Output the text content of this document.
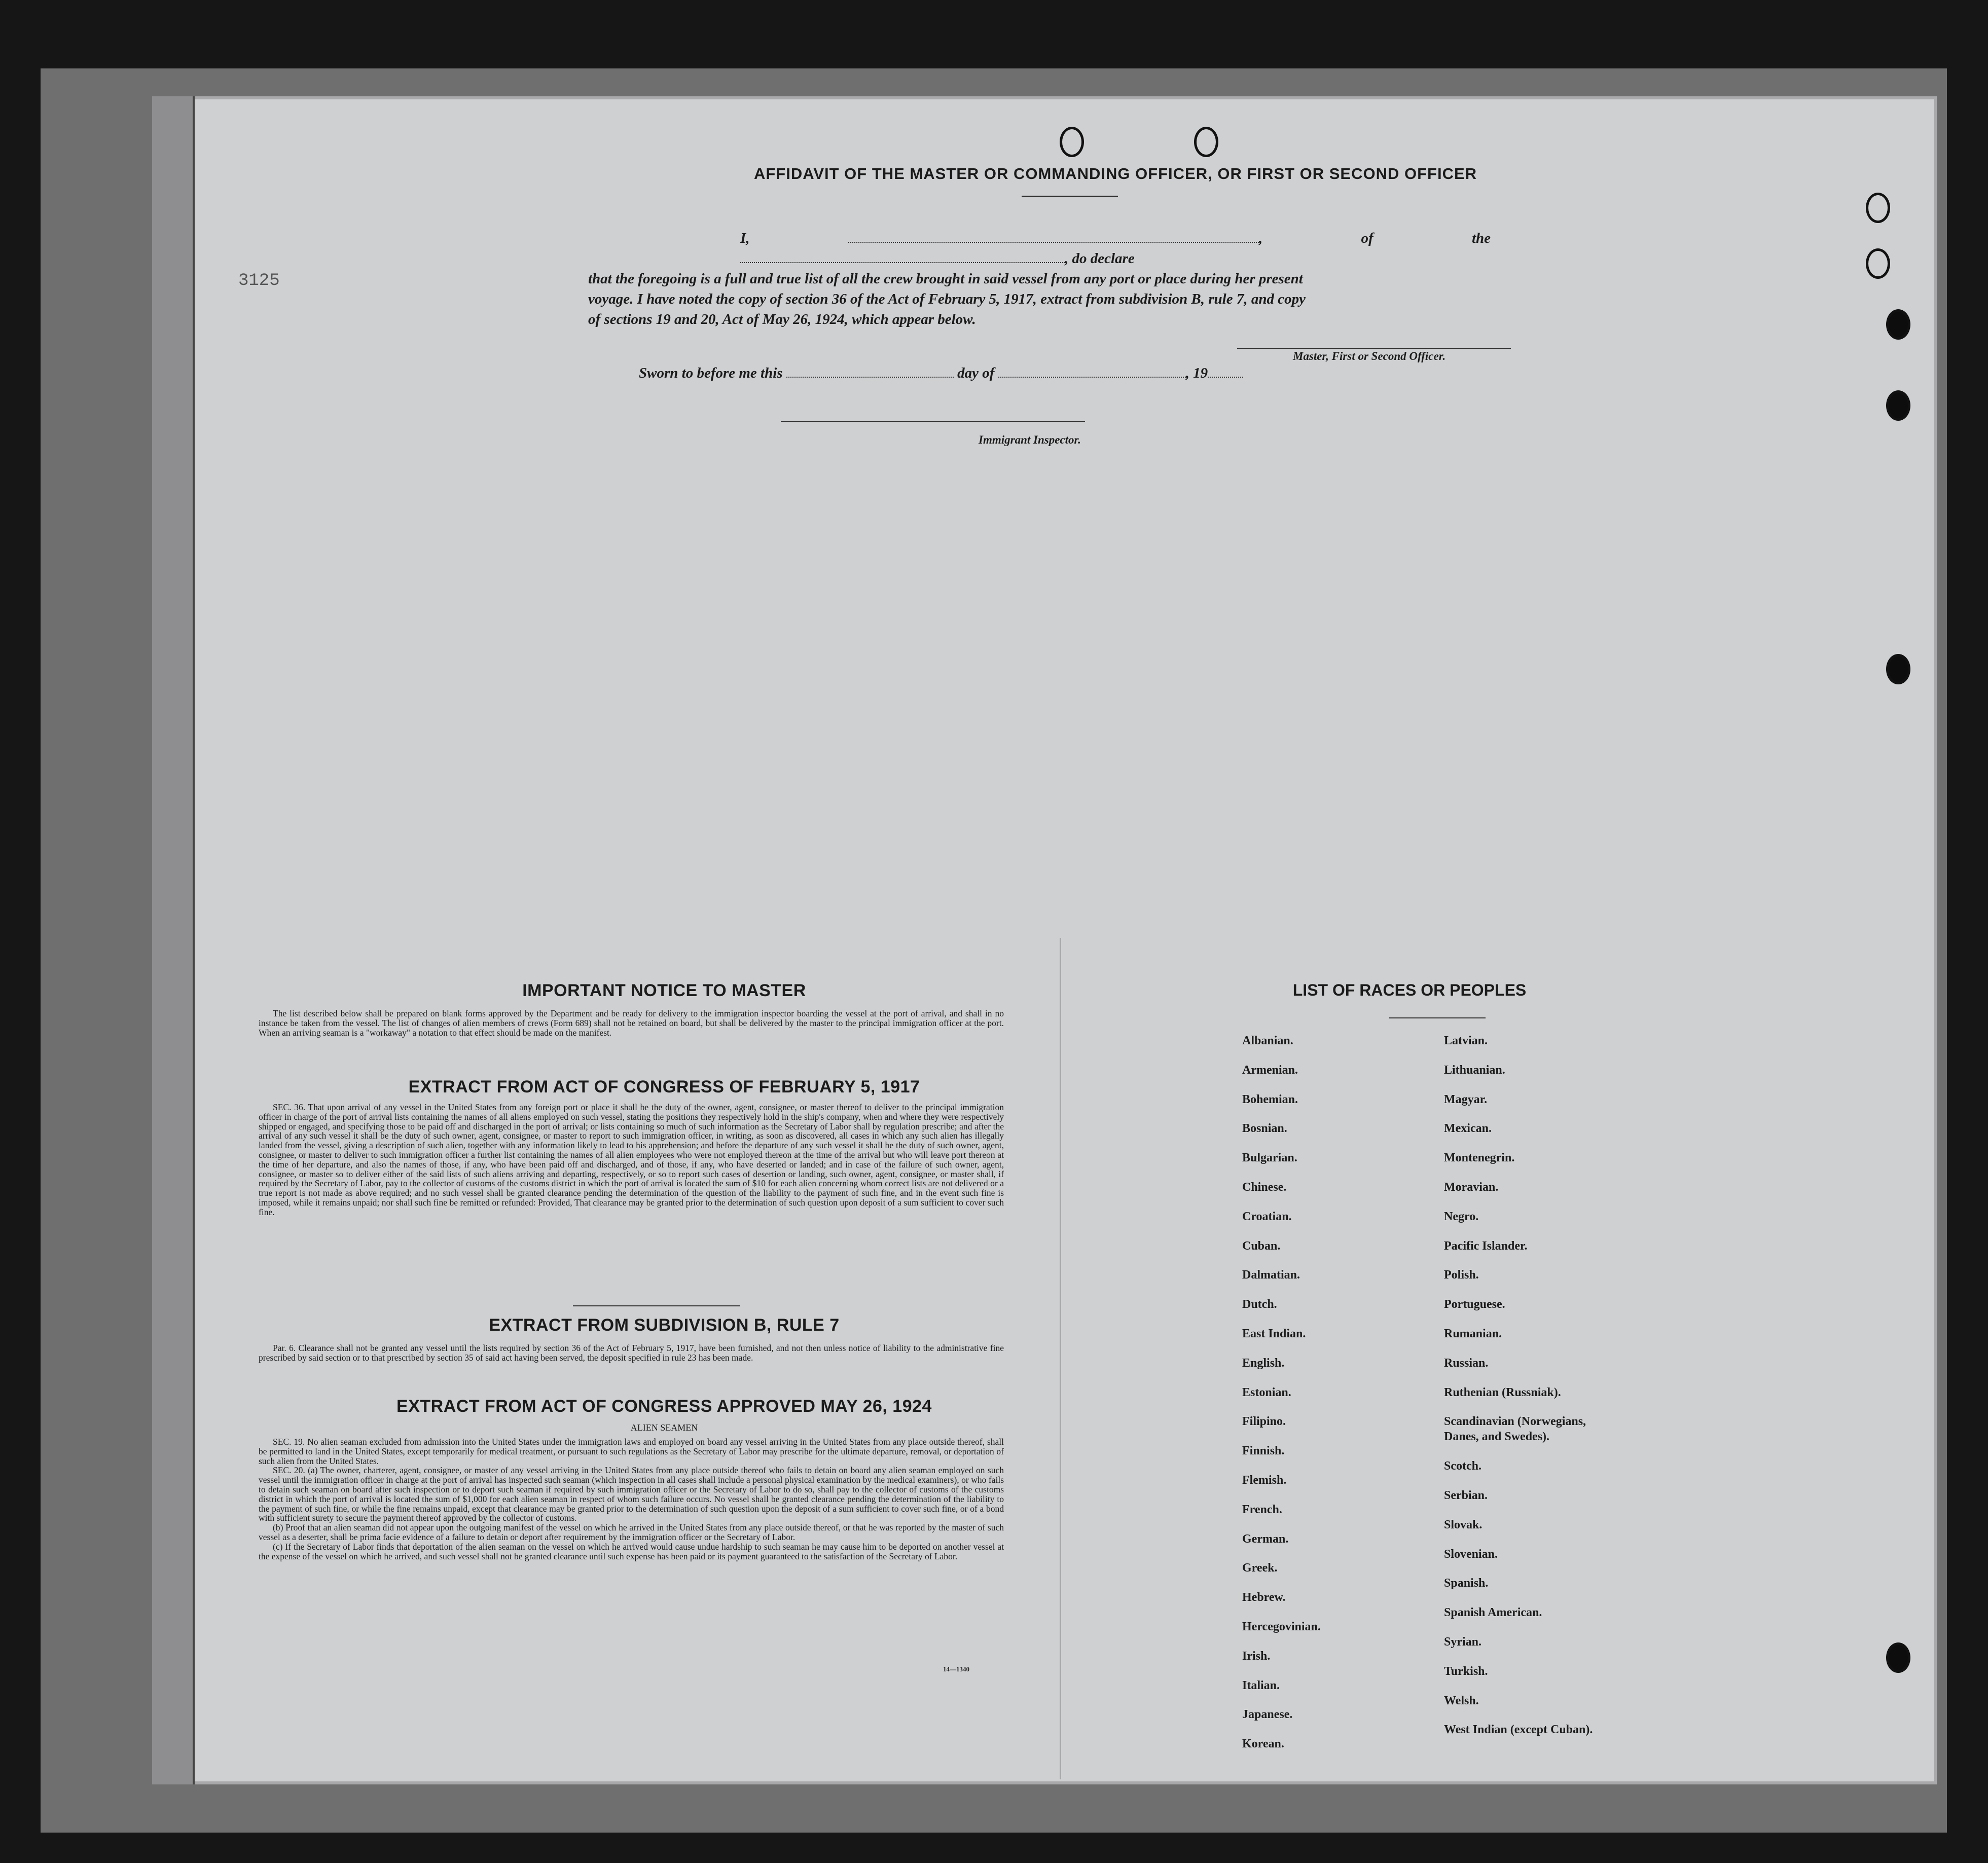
3125
AFFIDAVIT OF THE MASTER OR COMMANDING OFFICER, OR FIRST OR SECOND OFFICER
I,	, of the , do declare
that the foregoing is a full and true list of all the crew brought in said vessel from any port or place during her present
voyage. I have noted the copy of section 36 of the Act of February 5, 1917, extract from subdivision B, rule 7, and copy
of sections 19 and 20, Act of May 26, 1924, which appear below.
Master, First or Second Officer.
Sworn to before me this	day of	, 19
Immigrant Inspector.
IMPORTANT NOTICE TO MASTER

The list described below shall be prepared on blank forms approved by the Department and be ready for delivery to the immigration inspector boarding the vessel at the port of arrival, and shall in no instance be taken from the vessel. The list of changes of alien members of crews (Form 689) shall not be retained on board, but shall be delivered by the master to the principal immigration officer at the port. When an arriving seaman is a "workaway" a notation to that effect should be made on the manifest.

EXTRACT FROM ACT OF CONGRESS OF FEBRUARY 5, 1917

SEC. 36. That upon arrival of any vessel in the United States from any foreign port or place it shall be the duty of the owner, agent, consignee, or master thereof to deliver to the principal immigration officer in charge of the port of arrival lists containing the names of all aliens employed on such vessel, stating the positions they respectively hold in the ship's company, when and where they were respectively shipped or engaged, and specifying those to be paid off and discharged in the port of arrival; or lists containing so much of such information as the Secretary of Labor shall by regulation prescribe; and after the arrival of any such vessel it shall be the duty of such owner, agent, consignee, or master to report to such immigration officer, in writing, as soon as discovered, all cases in which any such alien has illegally landed from the vessel, giving a description of such alien, together with any information likely to lead to his apprehension; and before the departure of any such vessel it shall be the duty of such owner, agent, consignee, or master to deliver to such immigration officer a further list containing the names of all alien employees who were not employed thereon at the time of the arrival but who will leave port thereon at the time of her departure, and also the names of those, if any, who have been paid off and discharged, and of those, if any, who have deserted or landed; and in case of the failure of such owner, agent, consignee, or master so to deliver either of the said lists of such aliens arriving and departing, respectively, or so to report such cases of desertion or landing, such owner, agent, consignee, or master shall, if required by the Secretary of Labor, pay to the collector of customs of the customs district in which the port of arrival is located the sum of $10 for each alien concerning whom correct lists are not delivered or a true report is not made as above required; and no such vessel shall be granted clearance pending the determination of the question of the liability to the payment of such fine, and in the event such fine is imposed, while it remains unpaid; nor shall such fine be remitted or refunded: Provided, That clearance may be granted prior to the determination of such question upon deposit of a sum sufficient to cover such fine.

EXTRACT FROM SUBDIVISION B, RULE 7

Par. 6. Clearance shall not be granted any vessel until the lists required by section 36 of the Act of February 5, 1917, have been furnished, and not then unless notice of liability to the administrative fine prescribed by said section or to that prescribed by section 35 of said act having been served, the deposit specified in rule 23 has been made.

EXTRACT FROM ACT OF CONGRESS APPROVED MAY 26, 1924
ALIEN SEAMEN

SEC. 19. No alien seaman excluded from admission into the United States under the immigration laws and employed on board any vessel arriving in the United States from any place outside thereof, shall be permitted to land in the United States, except temporarily for medical treatment, or pursuant to such regulations as the Secretary of Labor may prescribe for the ultimate departure, removal, or deportation of such alien from the United States.

SEC. 20. (a) The owner, charterer, agent, consignee, or master of any vessel arriving in the United States from any place outside thereof who fails to detain on board any alien seaman employed on such vessel until the immigration officer in charge at the port of arrival has inspected such seaman (which inspection in all cases shall include a personal physical examination by the medical examiners), or who fails to detain such seaman on board after such inspection or to deport such seaman if required by such immigration officer or the Secretary of Labor to do so, shall pay to the collector of customs of the customs district in which the port of arrival is located the sum of $1,000 for each alien seaman in respect of whom such failure occurs. No vessel shall be granted clearance pending the determination of the liability to the payment of such fine, or while the fine remains unpaid, except that clearance may be granted prior to the determination of such question upon the deposit of a sum sufficient to cover such fine, or of a bond with sufficient surety to secure the payment thereof approved by the collector of customs.

(b) Proof that an alien seaman did not appear upon the outgoing manifest of the vessel on which he arrived in the United States from any place outside thereof, or that he was reported by the master of such vessel as a deserter, shall be prima facie evidence of a failure to detain or deport after requirement by the immigration officer or the Secretary of Labor.

(c) If the Secretary of Labor finds that deportation of the alien seaman on the vessel on which he arrived would cause undue hardship to such seaman he may cause him to be deported on another vessel at the expense of the vessel on which he arrived, and such vessel shall not be granted clearance until such expense has been paid or its payment guaranteed to the satisfaction of the Secretary of Labor.

14—1340
LIST OF RACES OR PEOPLES
Albanian.
Armenian.
Bohemian.
Bosnian.
Bulgarian.
Chinese.
Croatian.
Cuban.
Dalmatian.
Dutch.
East Indian.
English.
Estonian.
Filipino.
Finnish.
Flemish.
French.
German.
Greek.
Hebrew.
Hercegovinian.
Irish.
Italian.
Japanese.
Korean.
Latvian.
Lithuanian.
Magyar.
Mexican.
Montenegrin.
Moravian.
Negro.
Pacific Islander.
Polish.
Portuguese.
Rumanian.
Russian.
Ruthenian (Russniak).
Scandinavian (Norwegians,
Danes, and Swedes).
Scotch.
Serbian.
Slovak.
Slovenian.
Spanish.
Spanish American.
Syrian.
Turkish.
Welsh.
West Indian (except Cuban).
